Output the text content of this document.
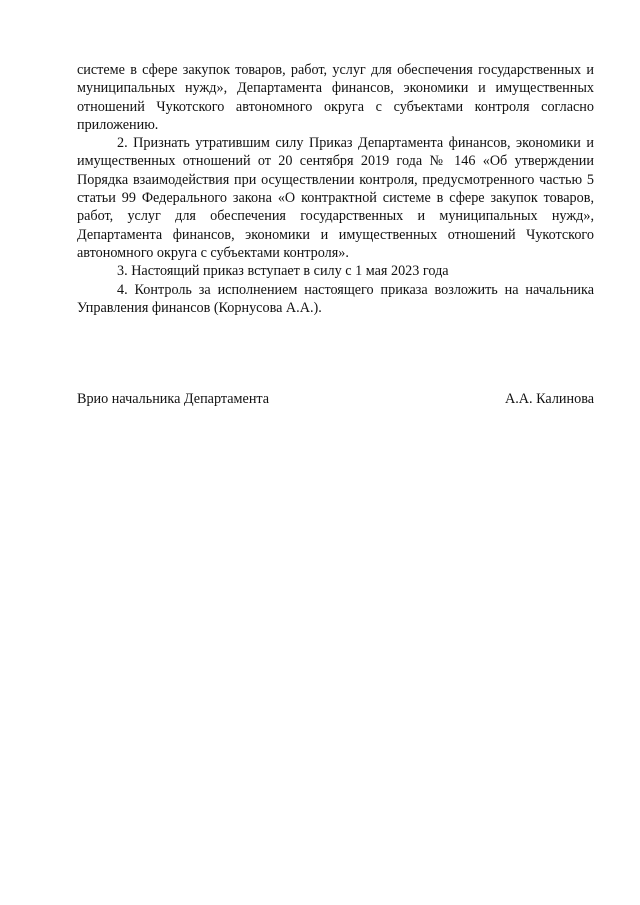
системе в сфере закупок товаров, работ, услуг для обеспечения государственных и муниципальных нужд», Департамента финансов, экономики и имущественных отношений Чукотского автономного округа с субъектами контроля согласно приложению.

2. Признать утратившим силу Приказ Департамента финансов, экономики и имущественных отношений от 20 сентября 2019 года № 146 «Об утверждении Порядка взаимодействия при осуществлении контроля, предусмотренного частью 5 статьи 99 Федерального закона «О контрактной системе в сфере закупок товаров, работ, услуг для обеспечения государственных и муниципальных нужд», Департамента финансов, экономики и имущественных отношений Чукотского автономного округа с субъектами контроля».

3. Настоящий приказ вступает в силу с 1 мая 2023 года

4. Контроль за исполнением настоящего приказа возложить на начальника Управления финансов (Корнусова А.А.).

Врио начальника Департамента	А.А. Калинова
